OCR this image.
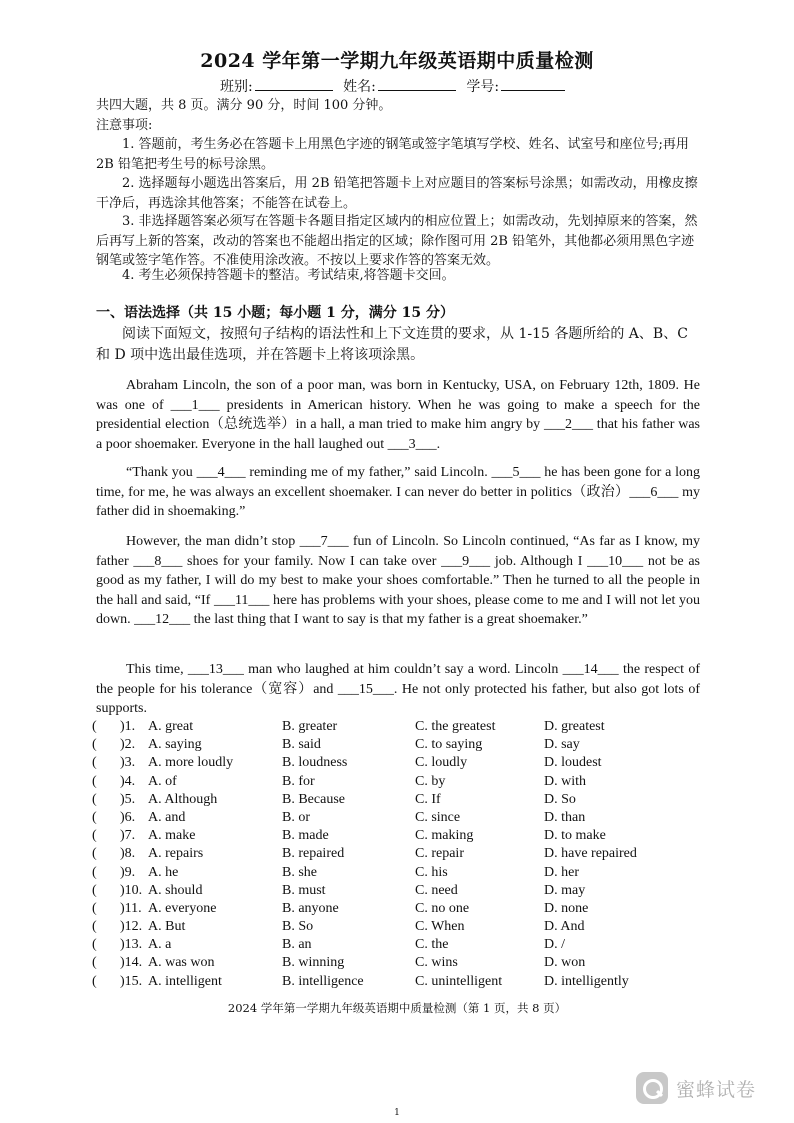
2024 学年第一学期九年级英语期中质量检测
班别:	姓名:	学号:
共四大题，共 8 页。满分 90 分，时间 100 分钟。
注意事项:
1. 答题前，考生务必在答题卡上用黑色字迹的钢笔或签字笔填写学校、姓名、试室号和座位号;再用 2B 铅笔把考生号的标号涂黑。
2. 选择题每小题选出答案后，用 2B 铅笔把答题卡上对应题目的答案标号涂黑；如需改动，用橡皮擦干净后，再选涂其他答案；不能答在试卷上。
3. 非选择题答案必须写在答题卡各题目指定区域内的相应位置上；如需改动，先划掉原来的答案，然后再写上新的答案，改动的答案也不能超出指定的区域；除作图可用 2B 铅笔外，其他都必须用黑色字迹钢笔或签字笔作答。不准使用涂改液。不按以上要求作答的答案无效。
4. 考生必须保持答题卡的整洁。考试结束,将答题卡交回。
一、语法选择（共 15 小题；每小题 1 分，满分 15 分）
阅读下面短文，按照句子结构的语法性和上下文连贯的要求，从 1-15 各题所给的 A、B、C 和 D 项中选出最佳选项，并在答题卡上将该项涂黑。
Abraham Lincoln, the son of a poor man, was born in Kentucky, USA, on February 12th, 1809. He was one of ___1___ presidents in American history. When he was going to make a speech for the presidential election（总统选举）in a hall, a man tried to make him angry by ___2___ that his father was a poor shoemaker. Everyone in the hall laughed out ___3___.
“Thank you ___4___ reminding me of my father,” said Lincoln. ___5___ he has been gone for a long time, for me, he was always an excellent shoemaker. I can never do better in politics（政治）___6___ my father did in shoemaking.”
However, the man didn’t stop ___7___ fun of Lincoln. So Lincoln continued, “As far as I know, my father ___8___ shoes for your family. Now I can take over ___9___ job. Although I ___10___ not be as good as my father, I will do my best to make your shoes comfortable.” Then he turned to all the people in the hall and said, “If ___11___ here has problems with your shoes, please come to me and I will not let you down. ___12___ the last thing that I want to say is that my father is a great shoemaker.”
This time, ___13___ man who laughed at him couldn’t say a word. Lincoln ___14___ the respect of the people for his tolerance（宽容）and ___15___. He not only protected his father, but also got lots of supports.
( )1. A. great	B. greater	C. the greatest	D. greatest
( )2. A. saying	B. said	C. to saying	D. say
( )3. A. more loudly	B. loudness	C. loudly	D. loudest
( )4. A. of	B. for	C. by	D. with
( )5. A. Although	B. Because	C. If	D. So
( )6. A. and	B. or	C. since	D. than
( )7. A. make	B. made	C. making	D. to make
( )8. A. repairs	B. repaired	C. repair	D. have repaired
( )9. A. he	B. she	C. his	D. her
( )10. A. should	B. must	C. need	D. may
( )11. A. everyone	B. anyone	C. no one	D. none
( )12. A. But	B. So	C. When	D. And
( )13. A. a	B. an	C. the	D. /
( )14. A. was won	B. winning	C. wins	D. won
( )15. A. intelligent	B. intelligence	C. unintelligent	D. intelligently
2024 学年第一学期九年级英语期中质量检测（第 1 页，共 8 页）
蜜蜂试卷
1
